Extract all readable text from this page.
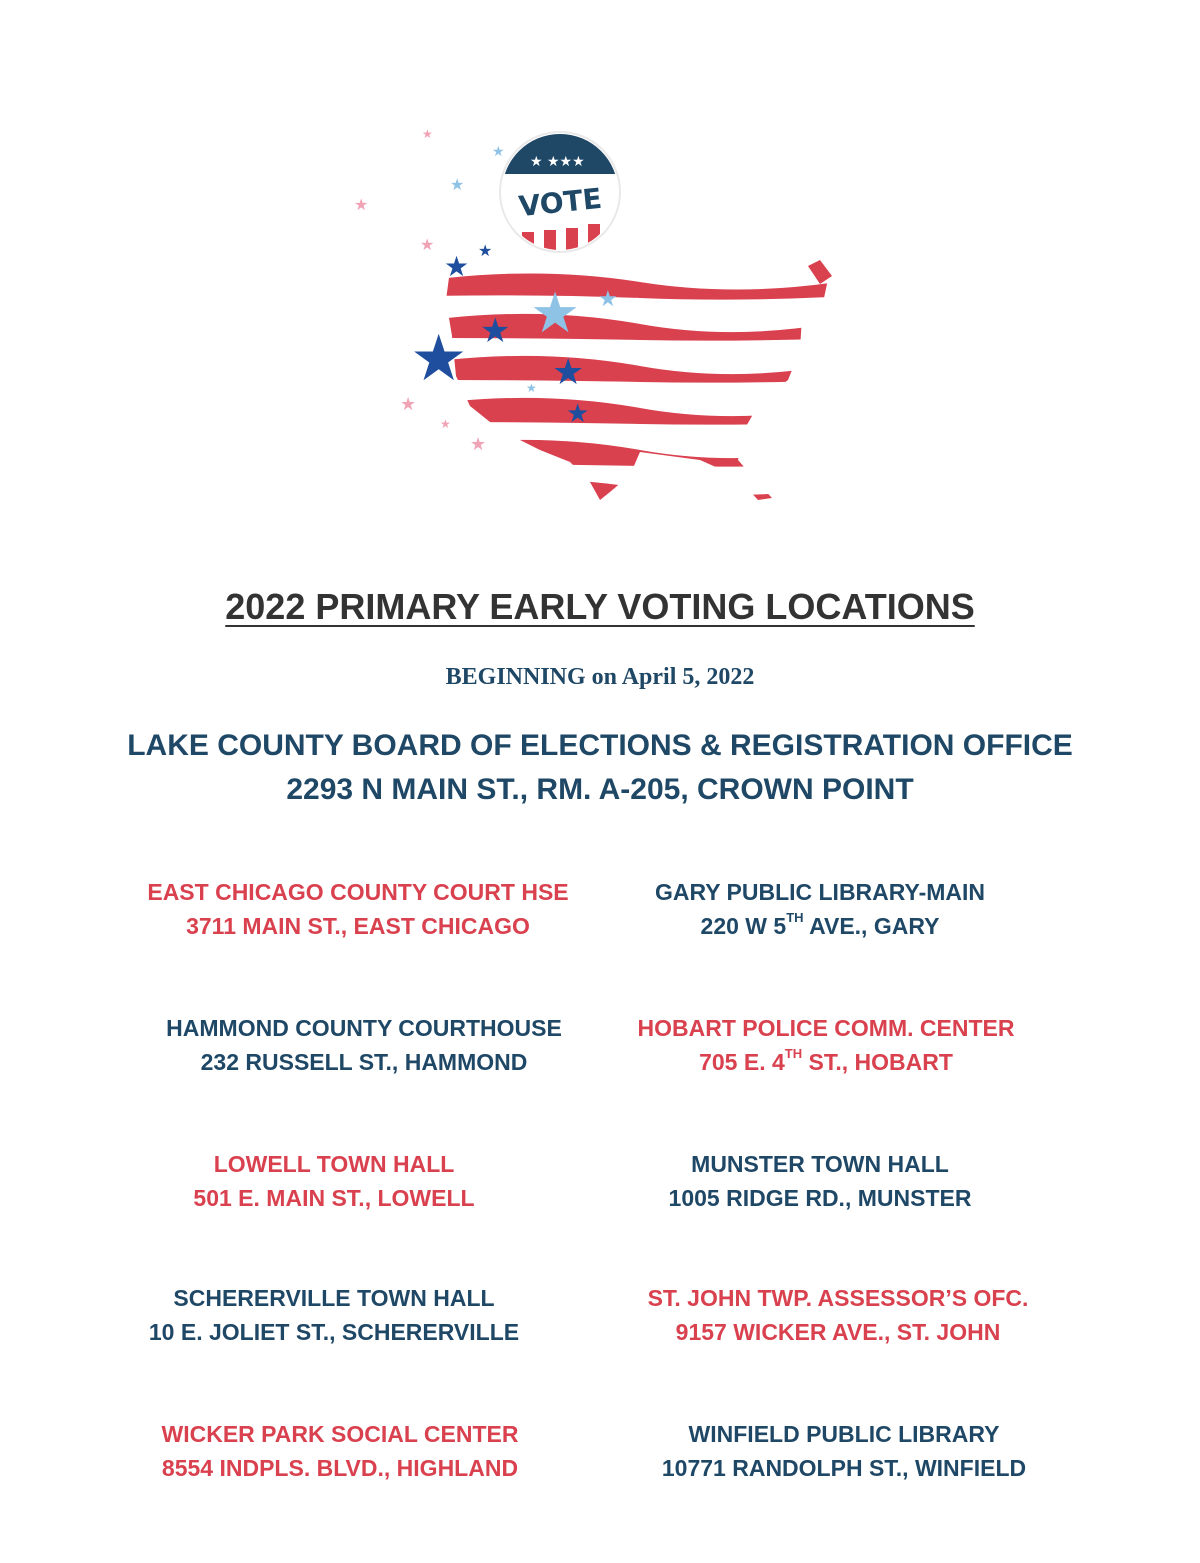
★ ★★★
VOTE
★ ★
★
★
★
★
★ ★
★
★
★
★
★
★
★
★
★
2022 PRIMARY EARLY VOTING LOCATIONS
BEGINNING on April 5, 2022
LAKE COUNTY BOARD OF ELECTIONS & REGISTRATION OFFICE
2293 N MAIN ST., RM. A-205, CROWN POINT
EAST CHICAGO COUNTY COURT HSE
3711 MAIN ST., EAST CHICAGO
GARY PUBLIC LIBRARY-MAIN
220 W 5TH AVE., GARY
HAMMOND COUNTY COURTHOUSE
232 RUSSELL ST., HAMMOND
HOBART POLICE COMM. CENTER
705 E. 4TH ST., HOBART
LOWELL TOWN HALL
501 E. MAIN ST., LOWELL
MUNSTER TOWN HALL
1005 RIDGE RD., MUNSTER
SCHERERVILLE TOWN HALL
10 E. JOLIET ST., SCHERERVILLE
ST. JOHN TWP. ASSESSOR’S OFC.
9157 WICKER AVE., ST. JOHN
WICKER PARK SOCIAL CENTER
8554 INDPLS. BLVD., HIGHLAND
WINFIELD PUBLIC LIBRARY
10771 RANDOLPH ST., WINFIELD
